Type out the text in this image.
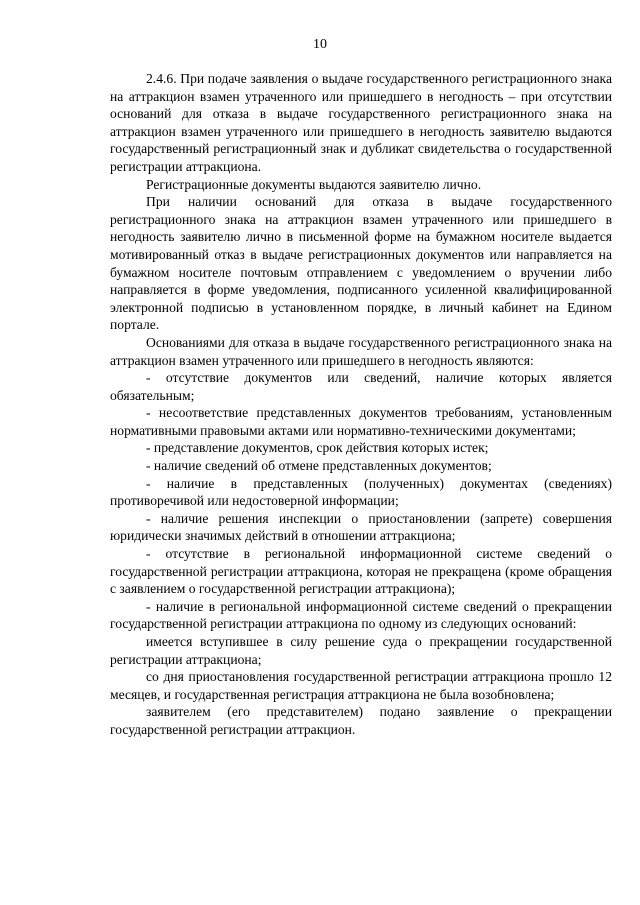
10

2.4.6. При подаче заявления о выдаче государственного регистрационного знака на аттракцион взамен утраченного или пришедшего в негодность – при отсутствии оснований для отказа в выдаче государственного регистрационного знака на аттракцион взамен утраченного или пришедшего в негодность заявителю выдаются государственный регистрационный знак и дубликат свидетельства о государственной регистрации аттракциона.

Регистрационные документы выдаются заявителю лично.

При наличии оснований для отказа в выдаче государственного регистрационного знака на аттракцион взамен утраченного или пришедшего в негодность заявителю лично в письменной форме на бумажном носителе выдается мотивированный отказ в выдаче регистрационных документов или направляется на бумажном носителе почтовым отправлением с уведомлением о вручении либо направляется в форме уведомления, подписанного усиленной квалифицированной электронной подписью в установленном порядке, в личный кабинет на Едином портале.

Основаниями для отказа в выдаче государственного регистрационного знака на аттракцион взамен утраченного или пришедшего в негодность являются:

- отсутствие документов или сведений, наличие которых является обязательным;

- несоответствие представленных документов требованиям, установленным нормативными правовыми актами или нормативно-техническими документами;

- представление документов, срок действия которых истек;

- наличие сведений об отмене представленных документов;

- наличие в представленных (полученных) документах (сведениях) противоречивой или недостоверной информации;

- наличие решения инспекции о приостановлении (запрете) совершения юридически значимых действий в отношении аттракциона;

- отсутствие в региональной информационной системе сведений о государственной регистрации аттракциона, которая не прекращена (кроме обращения с заявлением о государственной регистрации аттракциона);

- наличие в региональной информационной системе сведений о прекращении государственной регистрации аттракциона по одному из следующих оснований:

имеется вступившее в силу решение суда о прекращении государственной регистрации аттракциона;

со дня приостановления государственной регистрации аттракциона прошло 12 месяцев, и государственная регистрация аттракциона не была возобновлена;

заявителем (его представителем) подано заявление о прекращении государственной регистрации аттракцион.
